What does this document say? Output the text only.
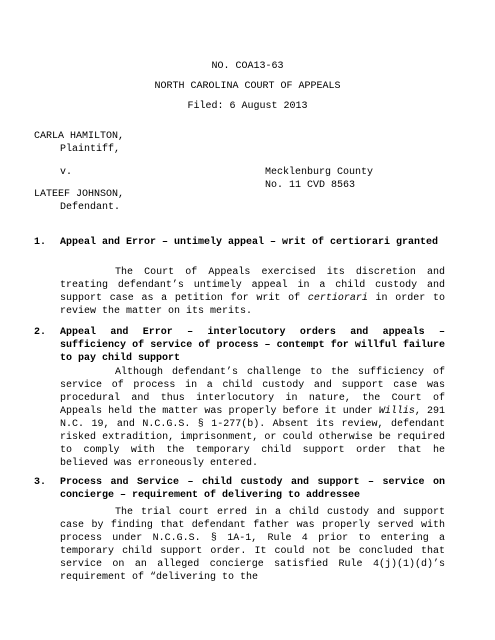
NO. COA13-63
NORTH CAROLINA COURT OF APPEALS
Filed: 6 August 2013
CARLA HAMILTON,
Plaintiff,
v.	Mecklenburg County
No. 11 CVD 8563
LATEEF JOHNSON,
Defendant.
1. Appeal and Error – untimely appeal – writ of certiorari granted

The Court of Appeals exercised its discretion and treating defendant’s untimely appeal in a child custody and support case as a petition for writ of certiorari in order to review the matter on its merits.

2. Appeal and Error – interlocutory orders and appeals – sufficiency of service of process – contempt for willful failure to pay child support

Although defendant’s challenge to the sufficiency of service of process in a child custody and support case was procedural and thus interlocutory in nature, the Court of Appeals held the matter was properly before it under Willis, 291 N.C. 19, and N.C.G.S. § 1-277(b). Absent its review, defendant risked extradition, imprisonment, or could otherwise be required to comply with the temporary child support order that he believed was erroneously entered.

3. Process and Service – child custody and support – service on concierge – requirement of delivering to addressee

The trial court erred in a child custody and support case by finding that defendant father was properly served with process under N.C.G.S. § 1A-1, Rule 4 prior to entering a temporary child support order. It could not be concluded that service on an alleged concierge satisfied Rule 4(j)(1)(d)’s requirement of “delivering to the
